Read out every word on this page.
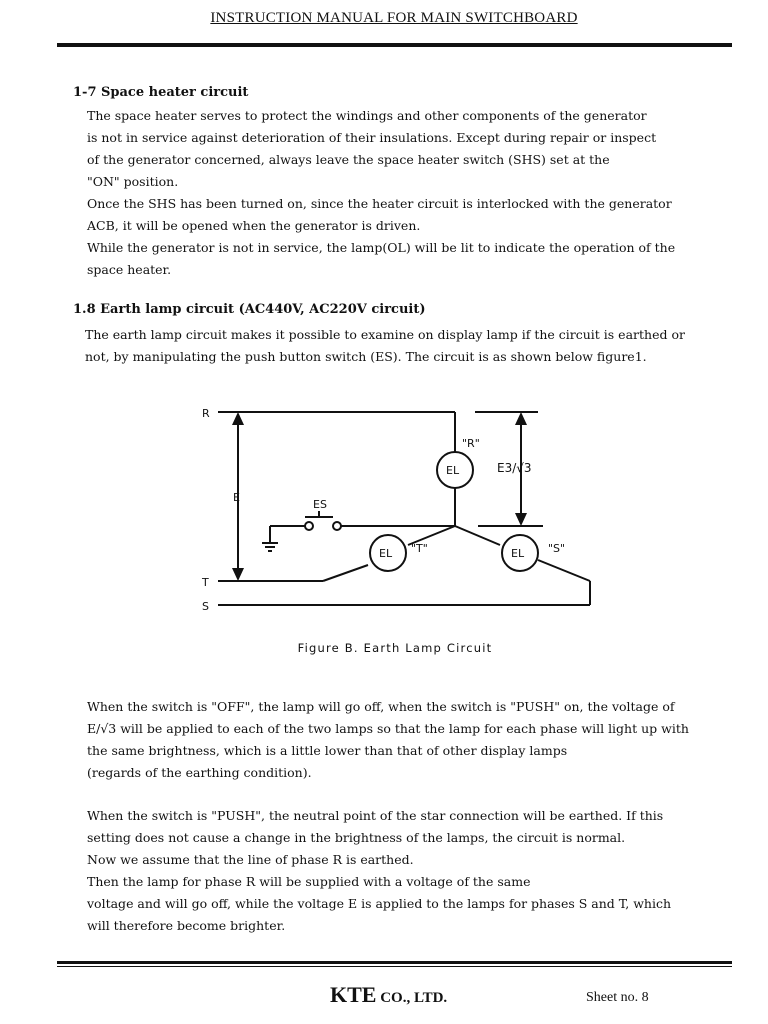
INSTRUCTION MANUAL FOR MAIN SWITCHBOARD
1-7 Space heater circuit
The space heater serves to protect the windings and other components of the generator
is not in service against deterioration of their insulations. Except during repair or inspect
of the generator concerned, always leave the space heater switch (SHS) set at the
"ON" position.
Once the SHS has been turned on, since the heater circuit is interlocked with the generator
ACB, it will be opened when the generator is driven.
While the generator is not in service, the lamp(OL) will be lit to indicate the operation of the
space heater.
1.8 Earth lamp circuit (AC440V, AC220V circuit)
The earth lamp circuit makes it possible to examine on display lamp if the circuit is earthed or
not, by manipulating the push button switch (ES). The circuit is as shown below figure1.
R
T
S
E
ES
EL
EL	EL
"R"
"T"	"S"
E3/√3
Figure B. Earth Lamp Circuit
When the switch is "OFF", the lamp will go off, when the switch is "PUSH" on, the voltage of
E/√3 will be applied to each of the two lamps so that the lamp for each phase will light up with
the same brightness, which is a little lower than that of other display lamps
(regards of the earthing condition).
When the switch is "PUSH", the neutral point of the star connection will be earthed. If this
setting does not cause a change in the brightness of the lamps, the circuit is normal.
Now we assume that the line of phase R is earthed.
Then the lamp for phase R will be supplied with a voltage of the same
voltage and will go off, while the voltage E is applied to the lamps for phases S and T, which
will therefore become brighter.
KTE CO., LTD.	Sheet no. 8
